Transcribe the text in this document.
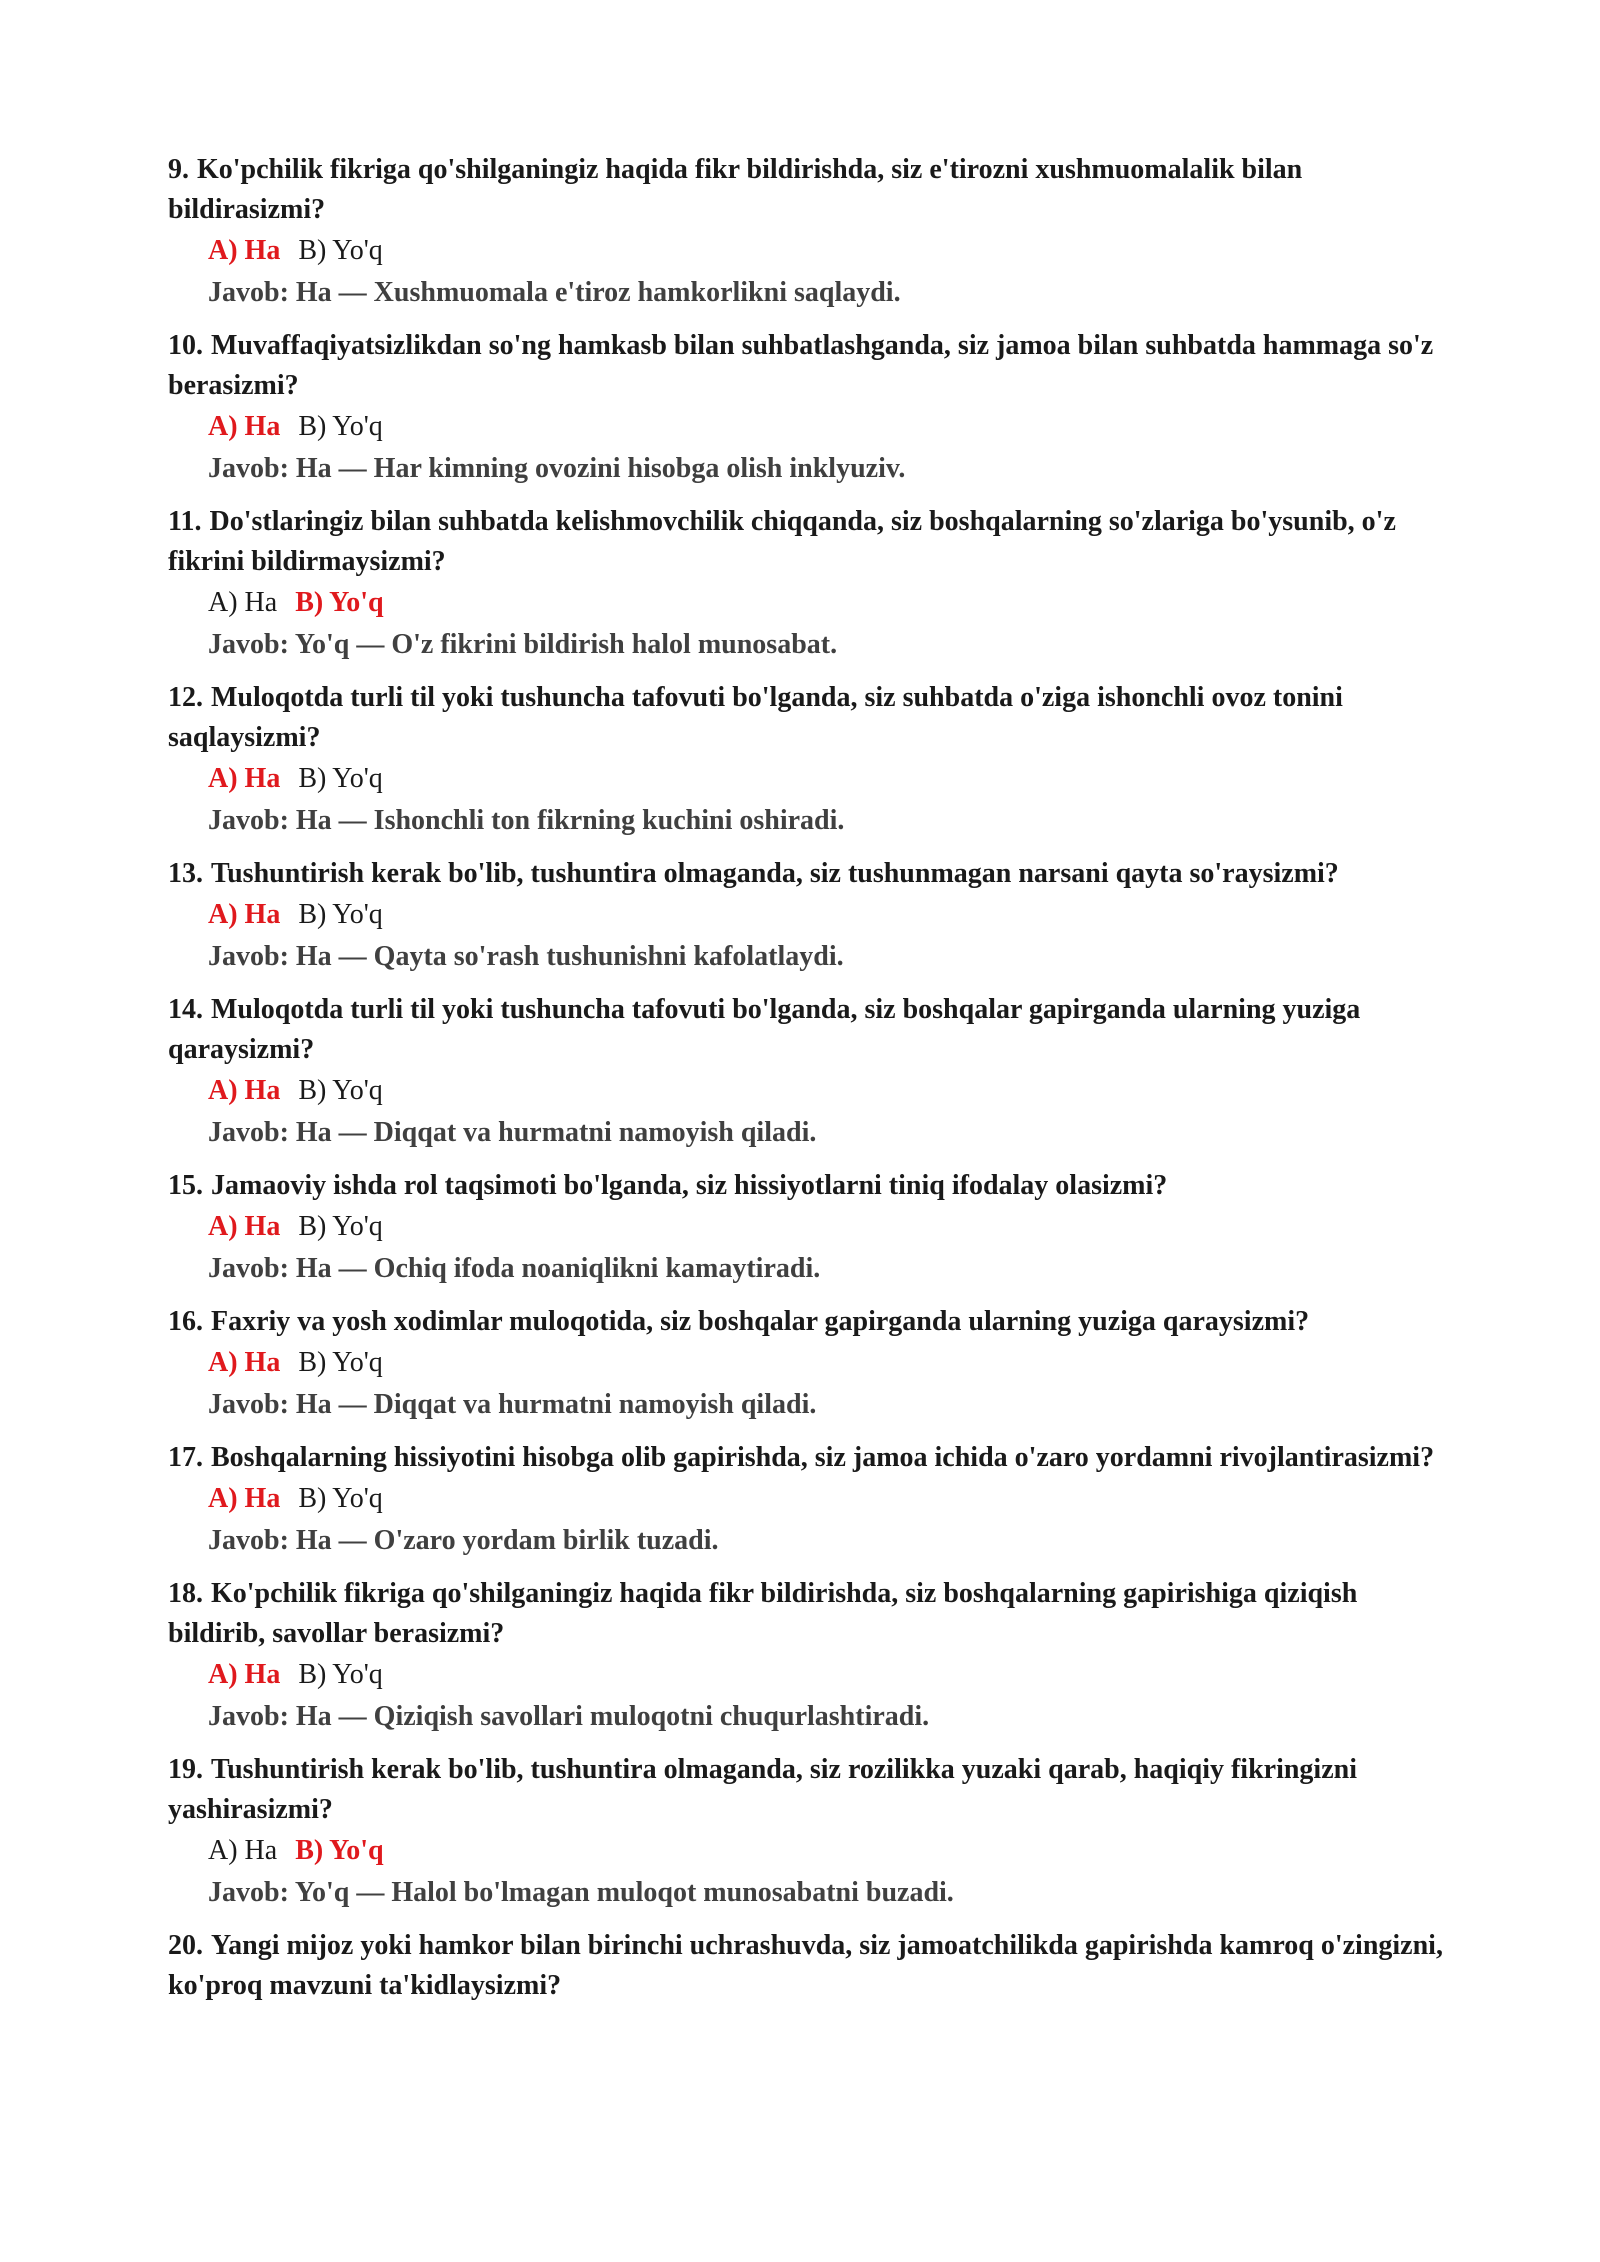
9. Ko'pchilik fikriga qo'shilganingiz haqida fikr bildirishda, siz e'tirozni xushmuomalalik bilan bildirasizmi?
A) Ha B) Yo'q
Javob: Ha — Xushmuomala e'tiroz hamkorlikni saqlaydi.
10. Muvaffaqiyatsizlikdan so'ng hamkasb bilan suhbatlashganda, siz jamoa bilan suhbatda hammaga so'z berasizmi?
A) Ha B) Yo'q
Javob: Ha — Har kimning ovozini hisobga olish inklyuziv.
11. Do'stlaringiz bilan suhbatda kelishmovchilik chiqqanda, siz boshqalarning so'zlariga bo'ysunib, o'z fikrini bildirmaysizmi?
A) Ha B) Yo'q
Javob: Yo'q — O'z fikrini bildirish halol munosabat.
12. Muloqotda turli til yoki tushuncha tafovuti bo'lganda, siz suhbatda o'ziga ishonchli ovoz tonini saqlaysizmi?
A) Ha B) Yo'q
Javob: Ha — Ishonchli ton fikrning kuchini oshiradi.
13. Tushuntirish kerak bo'lib, tushuntira olmaganda, siz tushunmagan narsani qayta so'raysizmi?
A) Ha B) Yo'q
Javob: Ha — Qayta so'rash tushunishni kafolatlaydi.
14. Muloqotda turli til yoki tushuncha tafovuti bo'lganda, siz boshqalar gapirganda ularning yuziga qaraysizmi?
A) Ha B) Yo'q
Javob: Ha — Diqqat va hurmatni namoyish qiladi.
15. Jamaoviy ishda rol taqsimoti bo'lganda, siz hissiyotlarni tiniq ifodalay olasizmi?
A) Ha B) Yo'q
Javob: Ha — Ochiq ifoda noaniqlikni kamaytiradi.
16. Faxriy va yosh xodimlar muloqotida, siz boshqalar gapirganda ularning yuziga qaraysizmi?
A) Ha B) Yo'q
Javob: Ha — Diqqat va hurmatni namoyish qiladi.
17. Boshqalarning hissiyotini hisobga olib gapirishda, siz jamoa ichida o'zaro yordamni rivojlantirasizmi?
A) Ha B) Yo'q
Javob: Ha — O'zaro yordam birlik tuzadi.
18. Ko'pchilik fikriga qo'shilganingiz haqida fikr bildirishda, siz boshqalarning gapirishiga qiziqish bildirib, savollar berasizmi?
A) Ha B) Yo'q
Javob: Ha — Qiziqish savollari muloqotni chuqurlashtiradi.
19. Tushuntirish kerak bo'lib, tushuntira olmaganda, siz rozilikka yuzaki qarab, haqiqiy fikringizni yashirasizmi?
A) Ha B) Yo'q
Javob: Yo'q — Halol bo'lmagan muloqot munosabatni buzadi.
20. Yangi mijoz yoki hamkor bilan birinchi uchrashuvda, siz jamoatchilikda gapirishda kamroq o'zingizni, ko'proq mavzuni ta'kidlaysizmi?
